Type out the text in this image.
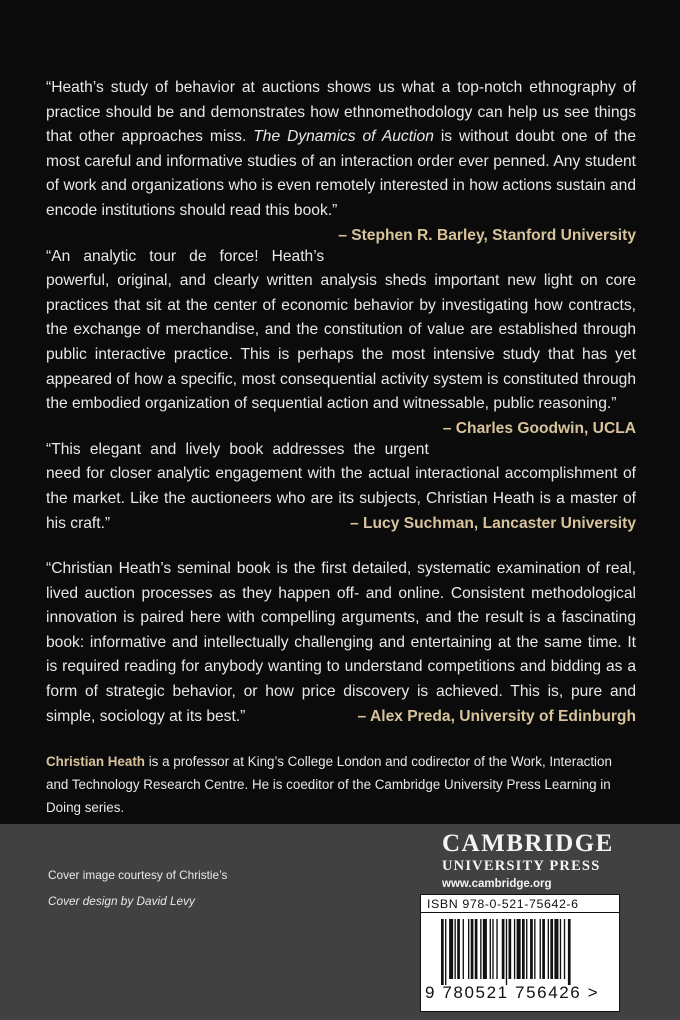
“Heath’s study of behavior at auctions shows us what a top-notch ethnography of practice should be and demonstrates how ethnomethodology can help us see things that other approaches miss. The Dynamics of Auction is without doubt one of the most careful and informative studies of an interaction order ever penned. Any student of work and organizations who is even remotely interested in how actions sustain and encode institutions should read this book.”
– Stephen R. Barley, Stanford University

“An analytic tour de force! Heath’s powerful, original, and clearly written analysis sheds important new light on core practices that sit at the center of economic behavior by investigating how contracts, the exchange of merchandise, and the constitution of value are established through public interactive practice. This is perhaps the most intensive study that has yet appeared of how a specific, most consequential activity system is constituted through the embodied organization of sequential action and witnessable, public reasoning.”
– Charles Goodwin, UCLA

“This elegant and lively book addresses the urgent need for closer analytic engagement with the actual interactional accomplishment of the market. Like the auctioneers who are its subjects, Christian Heath is a master of his craft.”	– Lucy Suchman, Lancaster University

“Christian Heath’s seminal book is the first detailed, systematic examination of real, lived auction processes as they happen off- and online. Consistent methodological innovation is paired here with compelling arguments, and the result is a fascinating book: informative and intellectually challenging and entertaining at the same time. It is required reading for anybody wanting to understand competitions and bidding as a form of strategic behavior, or how price discovery is achieved. This is, pure and simple, sociology at its best.”	– Alex Preda, University of Edinburgh

Christian Heath is a professor at King’s College London and codirector of the Work, Interaction and Technology Research Centre. He is coeditor of the Cambridge University Press Learning in Doing series.

Cover image courtesy of Christie’s
Cover design by David Levy
CAMBRIDGE
UNIVERSITY PRESS
www.cambridge.org
ISBN 978-0-521-75642-6
9 780521 756426 >
